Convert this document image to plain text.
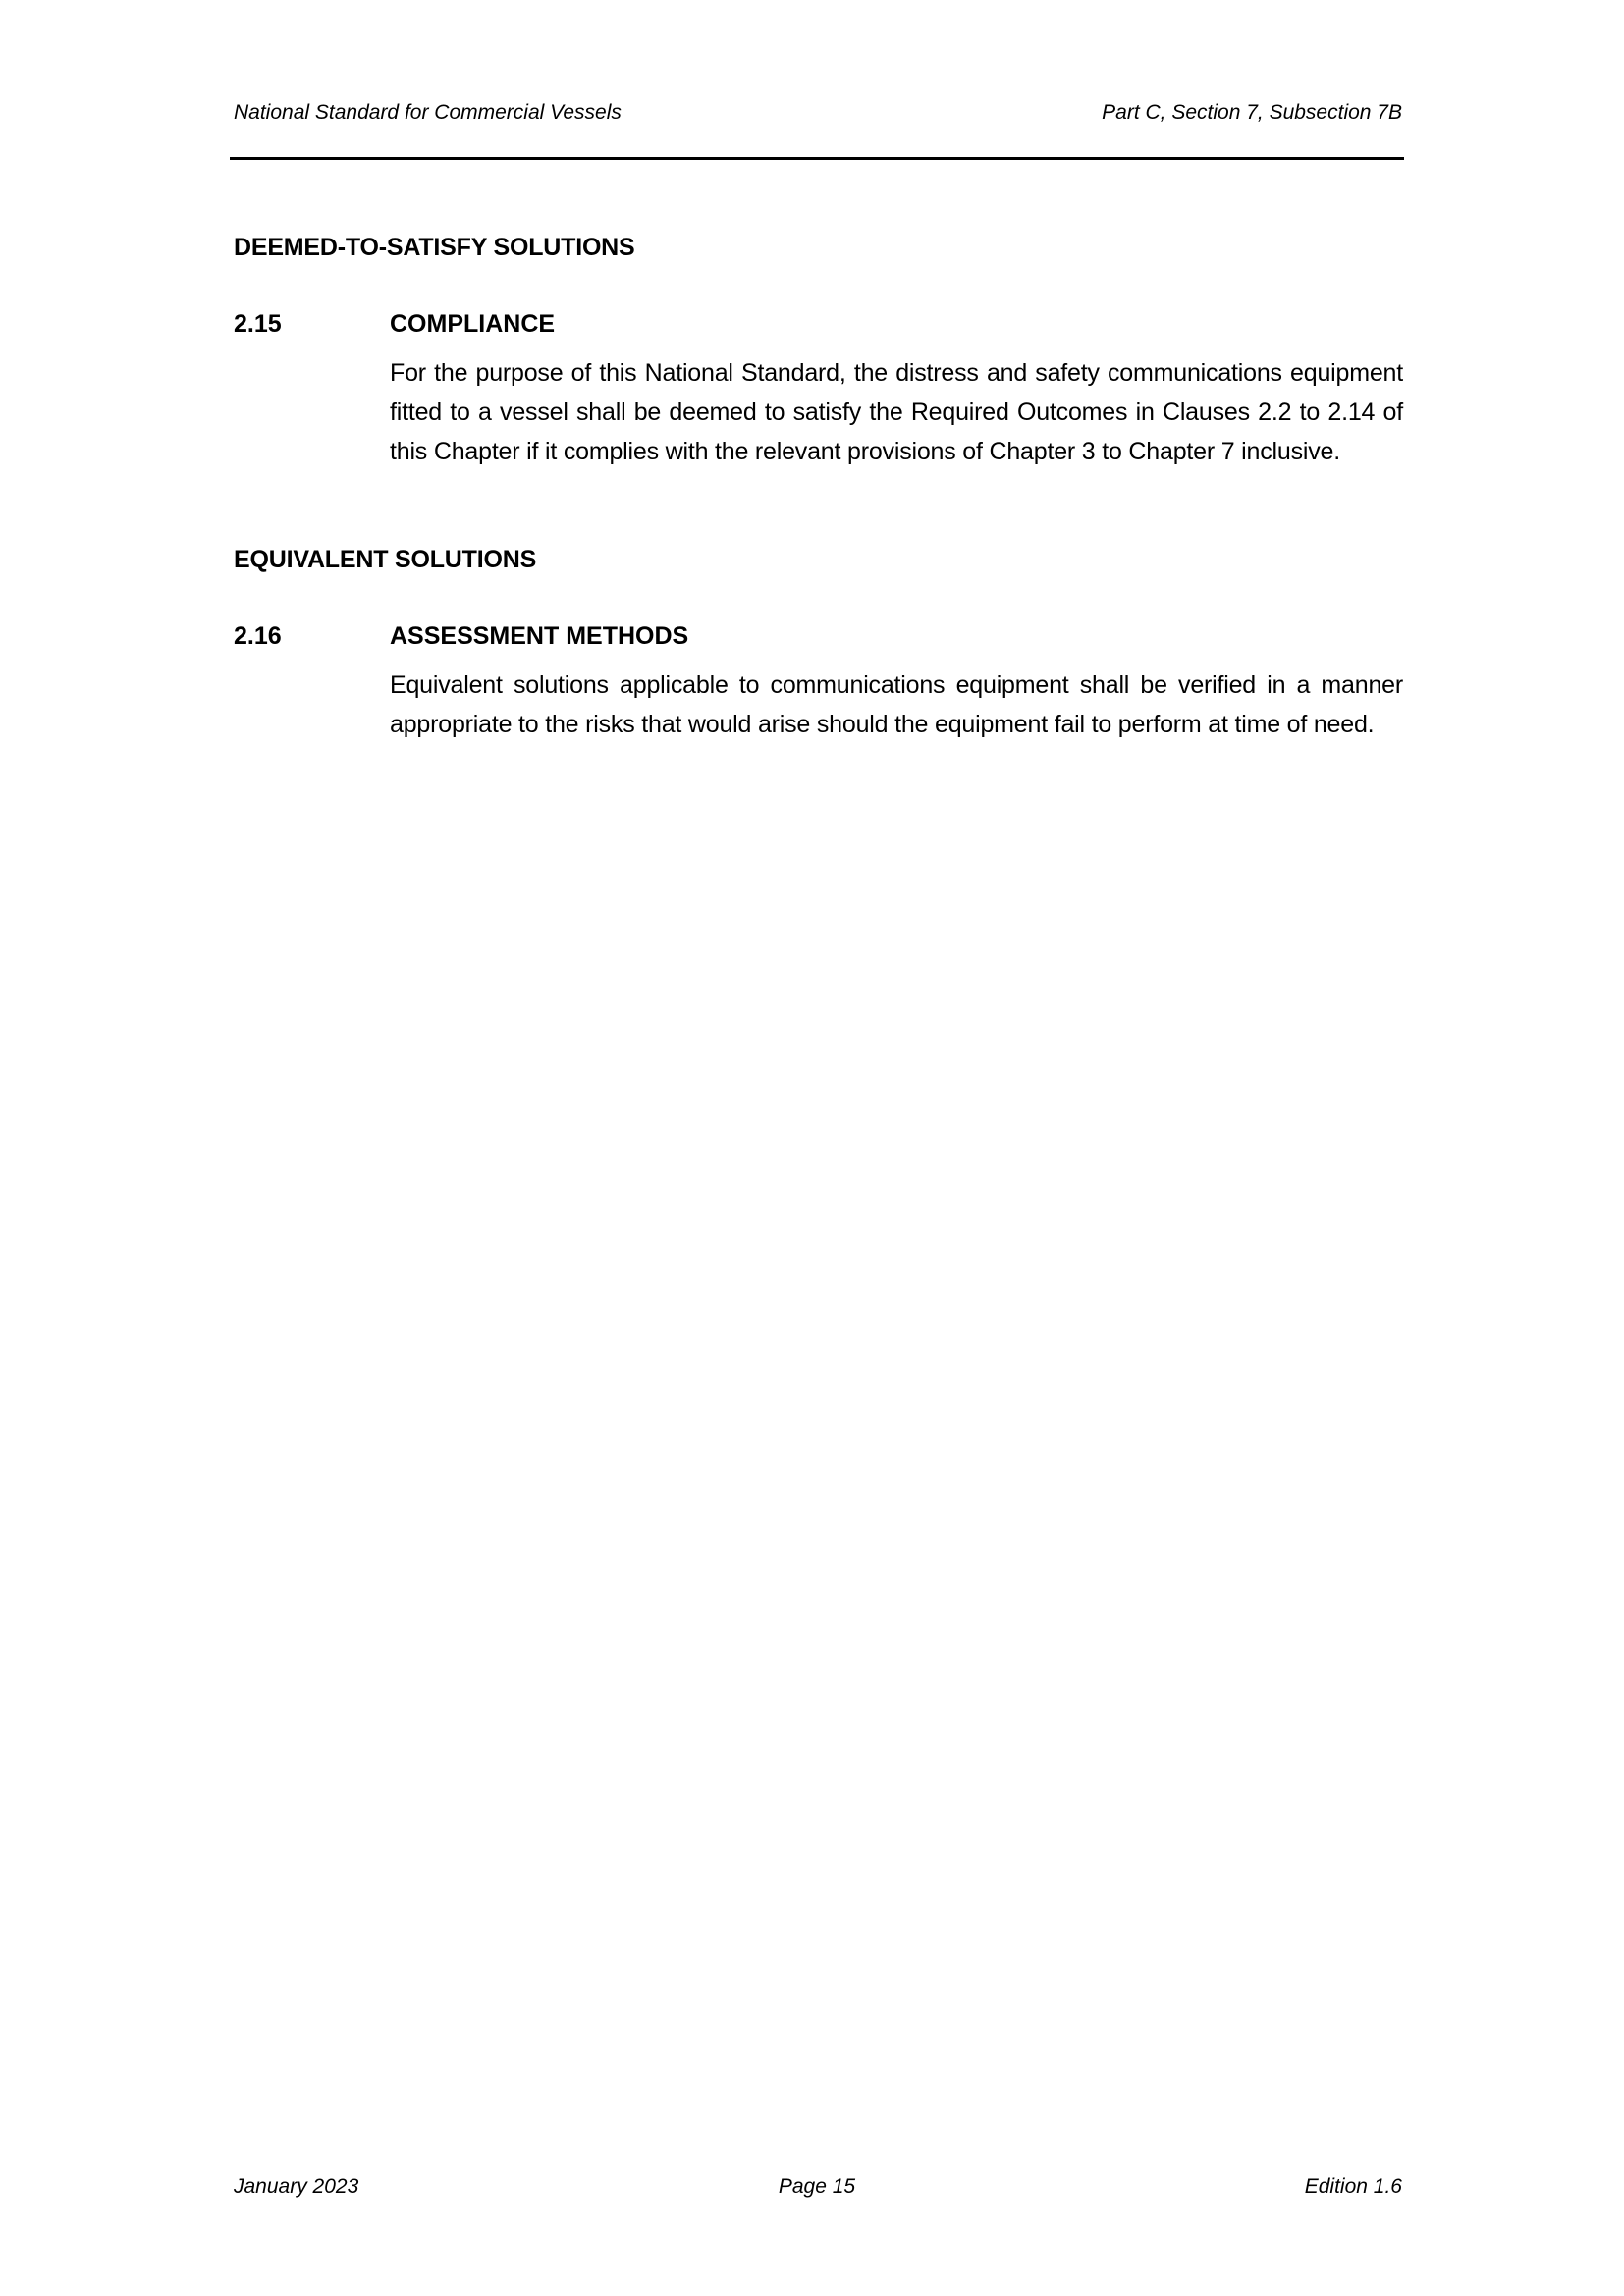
National Standard for Commercial Vessels	Part C, Section 7, Subsection 7B
DEEMED-TO-SATISFY SOLUTIONS
2.15	COMPLIANCE
For the purpose of this National Standard, the distress and safety communications equipment fitted to a vessel shall be deemed to satisfy the Required Outcomes in Clauses 2.2 to 2.14 of this Chapter if it complies with the relevant provisions of Chapter 3 to Chapter 7 inclusive.
EQUIVALENT SOLUTIONS
2.16	ASSESSMENT METHODS
Equivalent solutions applicable to communications equipment shall be verified in a manner appropriate to the risks that would arise should the equipment fail to perform at time of need.
January 2023	Page 15	Edition 1.6
